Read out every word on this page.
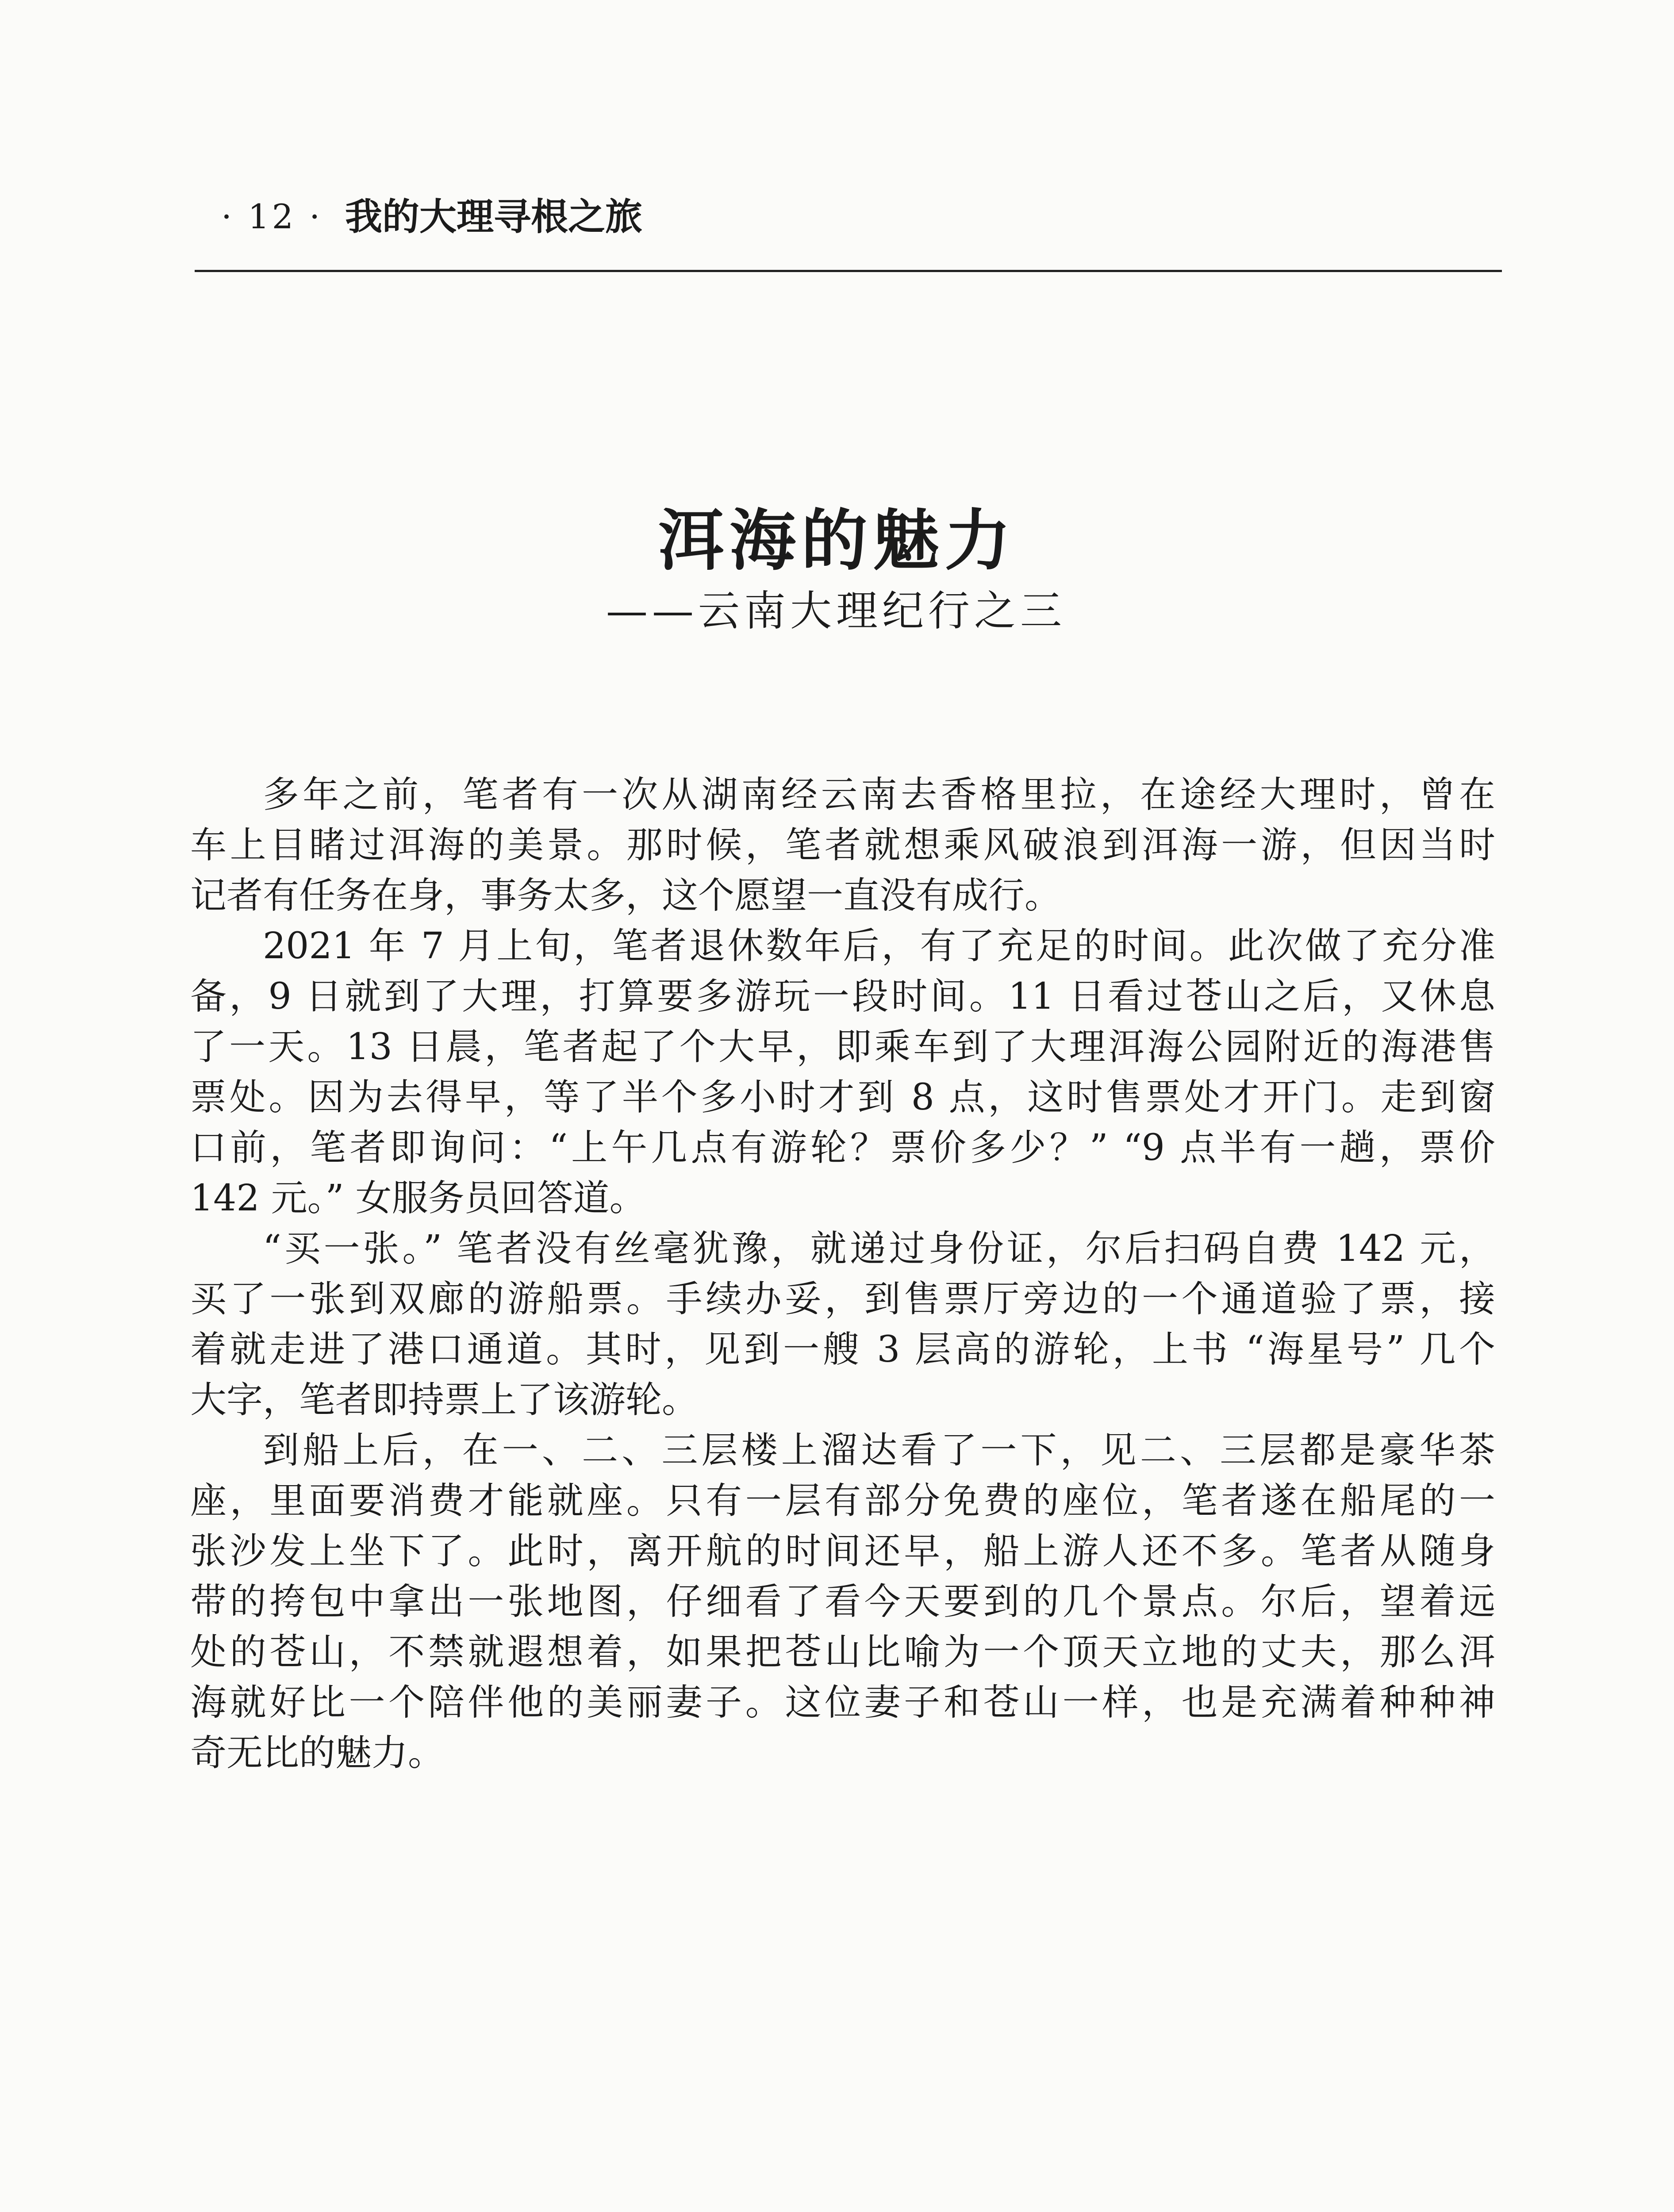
· 12 · 我的大理寻根之旅
洱海的魅力
——云南大理纪行之三
多年之前，笔者有一次从湖南经云南去香格里拉，在途经大理时，曾在
车上目睹过洱海的美景。那时候，笔者就想乘风破浪到洱海一游，但因当时
记者有任务在身，事务太多，这个愿望一直没有成行。
2021 年 7 月上旬，笔者退休数年后，有了充足的时间。此次做了充分准
备，9 日就到了大理，打算要多游玩一段时间。11 日看过苍山之后，又休息
了一天。13 日晨，笔者起了个大早，即乘车到了大理洱海公园附近的海港售
票处。因为去得早，等了半个多小时才到 8 点，这时售票处才开门。走到窗
口前，笔者即询问：“上午几点有游轮？票价多少？” “9 点半有一趟，票价
142 元。” 女服务员回答道。
“买一张。” 笔者没有丝毫犹豫，就递过身份证，尔后扫码自费 142 元，
买了一张到双廊的游船票。手续办妥，到售票厅旁边的一个通道验了票，接
着就走进了港口通道。其时，见到一艘 3 层高的游轮，上书 “海星号” 几个
大字，笔者即持票上了该游轮。
到船上后，在一、二、三层楼上溜达看了一下，见二、三层都是豪华茶
座，里面要消费才能就座。只有一层有部分免费的座位，笔者遂在船尾的一
张沙发上坐下了。此时，离开航的时间还早，船上游人还不多。笔者从随身
带的挎包中拿出一张地图，仔细看了看今天要到的几个景点。尔后，望着远
处的苍山，不禁就遐想着，如果把苍山比喻为一个顶天立地的丈夫，那么洱
海就好比一个陪伴他的美丽妻子。这位妻子和苍山一样，也是充满着种种神
奇无比的魅力。
